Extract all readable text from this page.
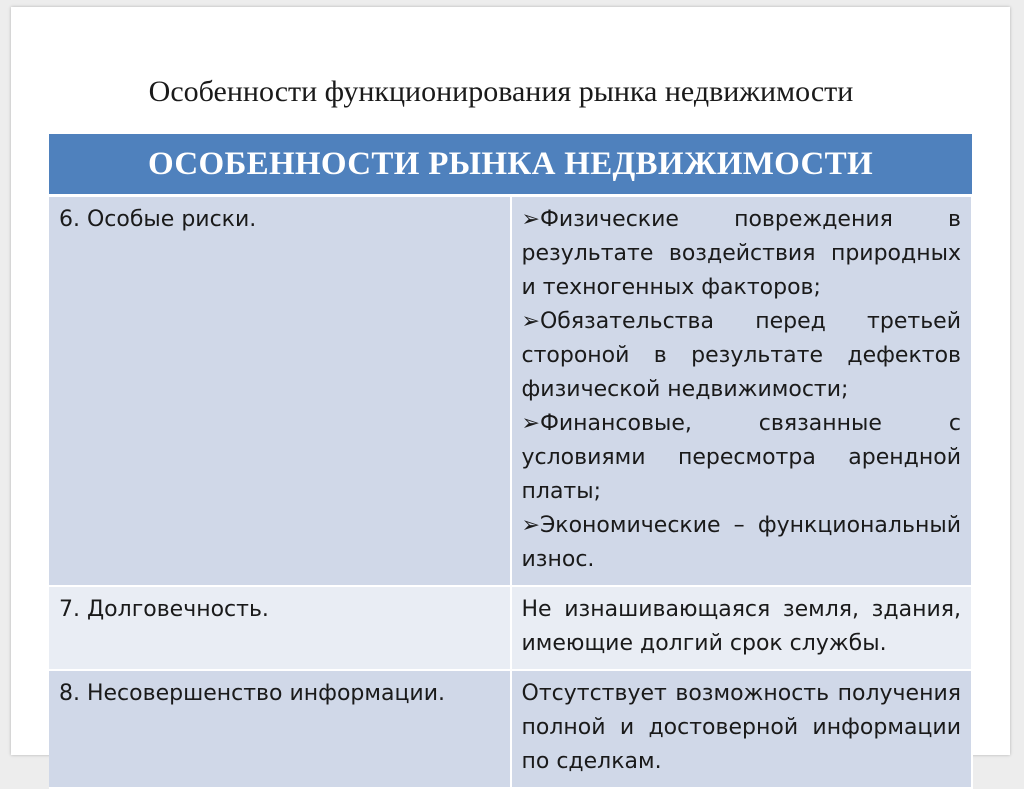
Особенности функционирования рынка недвижимости
ОСОБЕННОСТИ РЫНКА НЕДВИЖИМОСТИ	
6. Особые риски.	➢Физические повреждения в результате воздействия природных и техногенных факторов;
➢Обязательства перед третьей стороной в результате дефектов физической недвижимости;
➢Финансовые, связанные с условиями пересмотра арендной платы;
➢Экономические – функциональный износ.

7. Долговечность.	Не изнашивающаяся земля, здания, имеющие долгий срок службы.
8. Несовершенство информации.	Отсутствует возможность получения полной и достоверной информации по сделкам.
